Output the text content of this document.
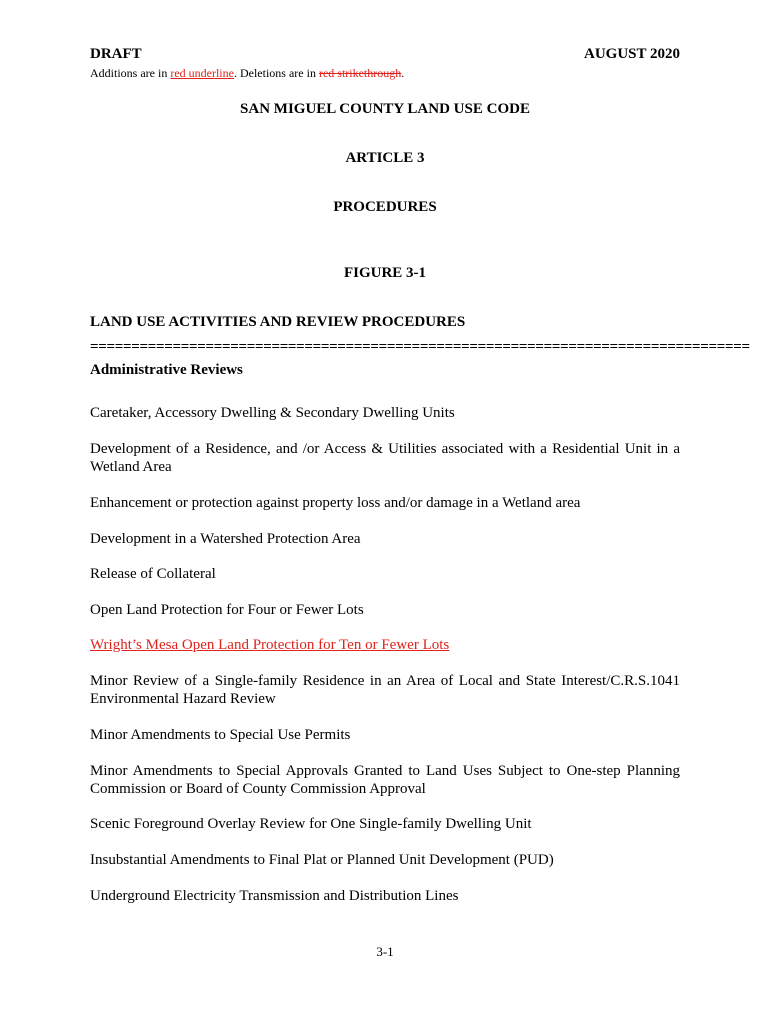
DRAFT	AUGUST 2020
Additions are in red underline. Deletions are in red strikethrough.
SAN MIGUEL COUNTY LAND USE CODE
ARTICLE 3
PROCEDURES
FIGURE 3-1
LAND USE ACTIVITIES AND REVIEW PROCEDURES
================================================================================
Administrative Reviews
Caretaker, Accessory Dwelling & Secondary Dwelling Units
Development of a Residence, and /or Access & Utilities associated with a Residential Unit in a Wetland Area
Enhancement or protection against property loss and/or damage in a Wetland area
Development in a Watershed Protection Area
Release of Collateral
Open Land Protection for Four or Fewer Lots
Wright’s Mesa Open Land Protection for Ten or Fewer Lots
Minor Review of a Single-family Residence in an Area of Local and State Interest/C.R.S.1041 Environmental Hazard Review
Minor Amendments to Special Use Permits
Minor Amendments to Special Approvals Granted to Land Uses Subject to One-step Planning Commission or Board of County Commission Approval
Scenic Foreground Overlay Review for One Single-family Dwelling Unit
Insubstantial Amendments to Final Plat or Planned Unit Development (PUD)
Underground Electricity Transmission and Distribution Lines
3-1
